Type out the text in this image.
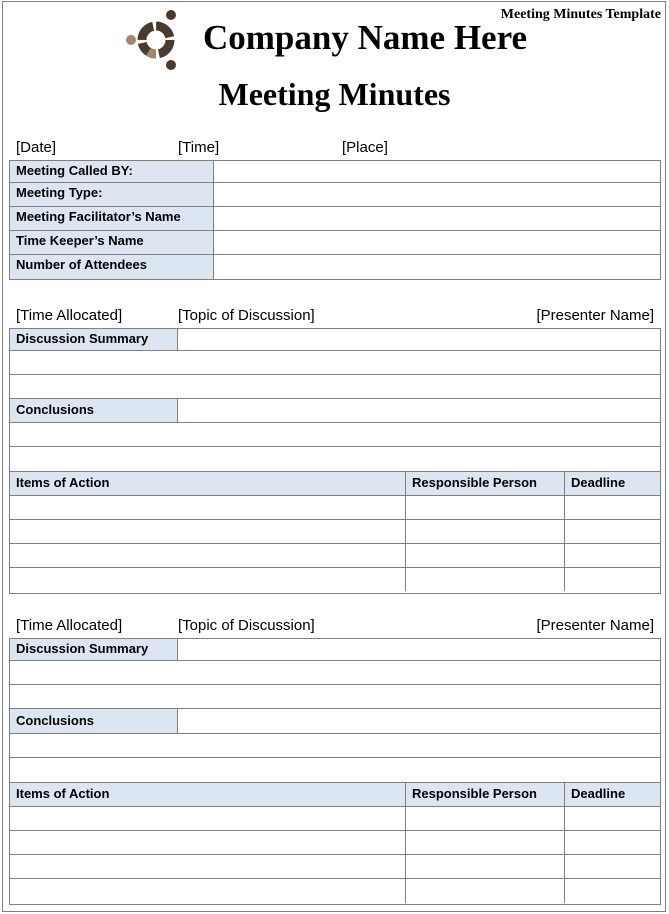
Meeting Minutes Template
Company Name Here
Meeting Minutes
[Date]	[Time]	[Place]
Meeting Called BY:
Meeting Type:
Meeting Facilitator’s Name
Time Keeper’s Name
Number of Attendees
[Time Allocated]	[Topic of Discussion]	[Presenter Name]
Discussion Summary
Conclusions
Items of Action	Responsible Person	Deadline
[Time Allocated]	[Topic of Discussion]	[Presenter Name]
Discussion Summary
Conclusions
Items of Action	Responsible Person	Deadline
